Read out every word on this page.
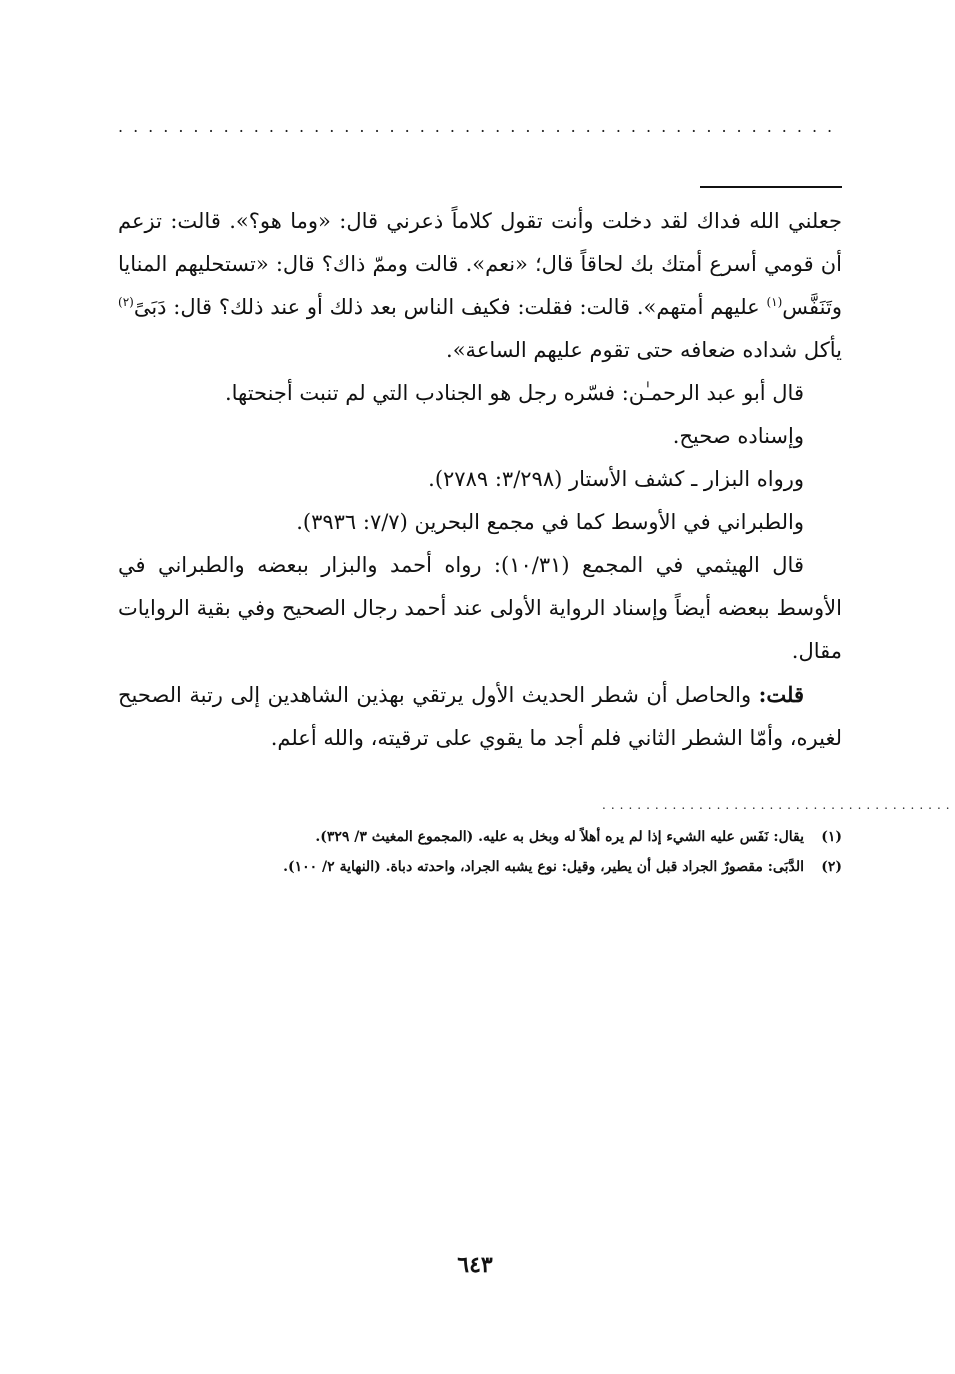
................................................

جعلني الله فداك لقد دخلت وأنت تقول كلاماً ذعرني قال: «وما هو؟». قالت: تزعم أن قومي أسرع أمتك بك لحاقاً قال؛ «نعم». قالت وممّ ذاك؟ قال: «تستحليهم المنايا وتَنَفَّس$^{(١)}$ عليهم أمتهم». قالت: فقلت: فكيف الناس بعد ذلك أو عند ذلك؟ قال: دَبَىً$^{(٢)}$ يأكل شداده ضعافه حتى تقوم عليهم الساعة».

قال أبو عبد الرحمـٰن: فسّره رجل هو الجنادب التي لم تنبت أجنحتها.

وإسناده صحيح.

ورواه البزار ـ كشف الأستار (٣/٢٩٨: ٢٧٨٩).

والطبراني في الأوسط كما في مجمع البحرين (٧/٧: ٣٩٣٦).

قال الهيثمي في المجمع (١٠/٣١): رواه أحمد والبزار ببعضه والطبراني في الأوسط ببعضه أيضاً وإسناد الرواية الأولى عند أحمد رجال الصحيح وفي بقية الروايات مقال.

قلت: والحاصل أن شطر الحديث الأول يرتقي بهذين الشاهدين إلى رتبة الصحيح لغيره، وأمّا الشطر الثاني فلم أجد ما يقوي على ترقيته، والله أعلم.

........................................
(١)
يقال: نَفَس عليه الشيء إذا لم يره أهلاً له وبخل به عليه. (المجموع المغيث ٣/ ٣٢٩).
(٢)
الدَّبَى: مقصورٌ الجراد قبل أن يطير، وقيل: نوع يشبه الجراد، واحدته دباة. (النهاية ٢/ ١٠٠).
٦٤٣
